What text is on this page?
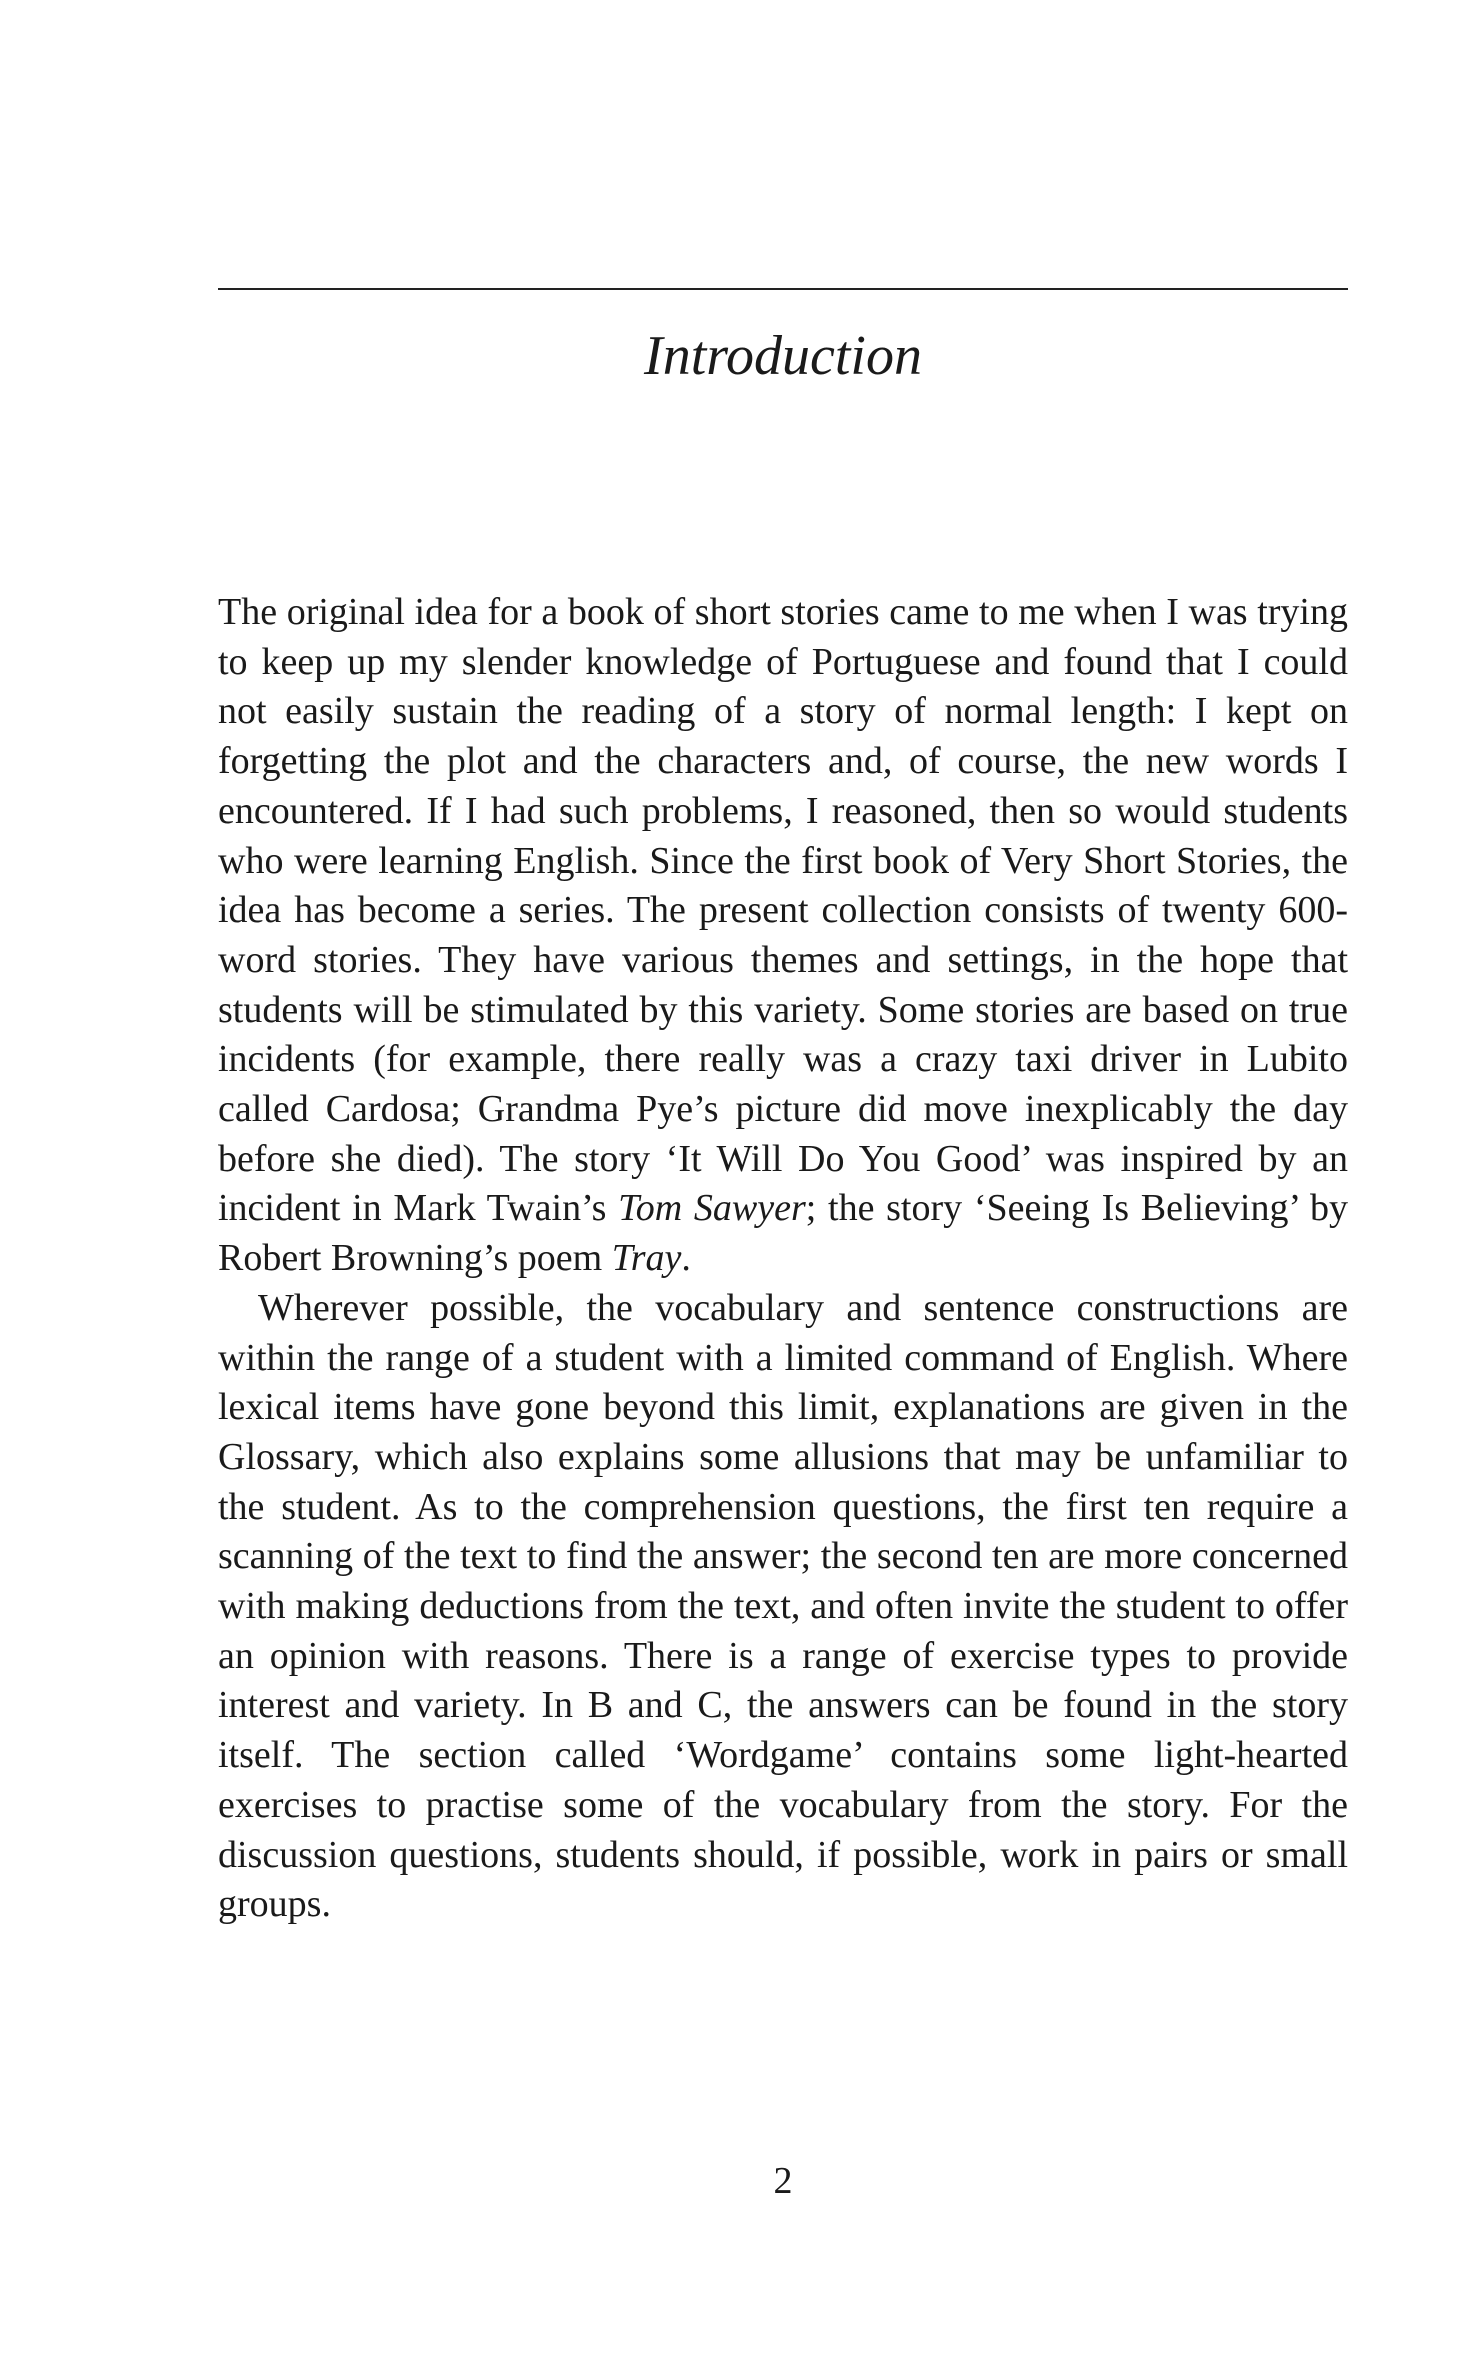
Introduction

The original idea for a book of short stories came to me when I was trying to keep up my slender knowledge of Portuguese and found that I could not easily sustain the reading of a story of normal length: I kept on forgetting the plot and the characters and, of course, the new words I encountered. If I had such problems, I reasoned, then so would students who were learning English. Since the first book of Very Short Stories, the idea has become a series. The present collection consists of twenty 600-word stories. They have various themes and settings, in the hope that students will be stimulated by this variety. Some stories are based on true incidents (for example, there really was a crazy taxi driver in Lubito called Cardosa; Grandma Pye’s picture did move inexplicably the day before she died). The story ‘It Will Do You Good’ was inspired by an incident in Mark Twain’s Tom Sawyer; the story ‘Seeing Is Believing’ by Robert Browning’s poem Tray.

Wherever possible, the vocabulary and sentence constructions are within the range of a student with a limited command of English. Where lexical items have gone beyond this limit, explanations are given in the Glossary, which also explains some allusions that may be unfamiliar to the student. As to the comprehension questions, the first ten require a scanning of the text to find the answer; the second ten are more concerned with making deductions from the text, and often invite the student to offer an opinion with reasons. There is a range of exercise types to provide interest and variety. In B and C, the answers can be found in the story itself. The section called ‘Wordgame’ contains some light-hearted exercises to practise some of the vocabulary from the story. For the discussion questions, students should, if possible, work in pairs or small groups.

2
